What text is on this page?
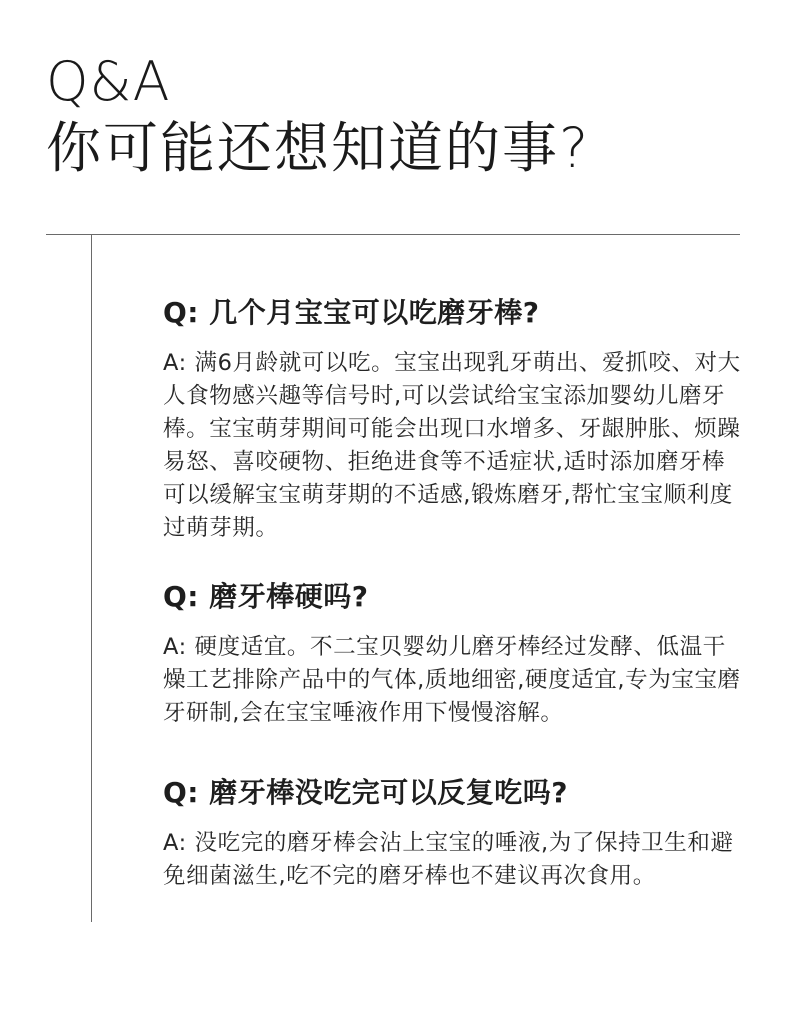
Q&A
你可能还想知道的事?

Q: 几个月宝宝可以吃磨牙棒?

A: 满6月龄就可以吃。宝宝出现乳牙萌出、爱抓咬、对大人食物感兴趣等信号时,可以尝试给宝宝添加婴幼儿磨牙棒。宝宝萌芽期间可能会出现口水增多、牙龈肿胀、烦躁易怒、喜咬硬物、拒绝进食等不适症状,适时添加磨牙棒可以缓解宝宝萌芽期的不适感,锻炼磨牙,帮忙宝宝顺利度过萌芽期。

Q: 磨牙棒硬吗?

A: 硬度适宜。不二宝贝婴幼儿磨牙棒经过发酵、低温干燥工艺排除产品中的气体,质地细密,硬度适宜,专为宝宝磨牙研制,会在宝宝唾液作用下慢慢溶解。

Q: 磨牙棒没吃完可以反复吃吗?

A: 没吃完的磨牙棒会沾上宝宝的唾液,为了保持卫生和避免细菌滋生,吃不完的磨牙棒也不建议再次食用。
